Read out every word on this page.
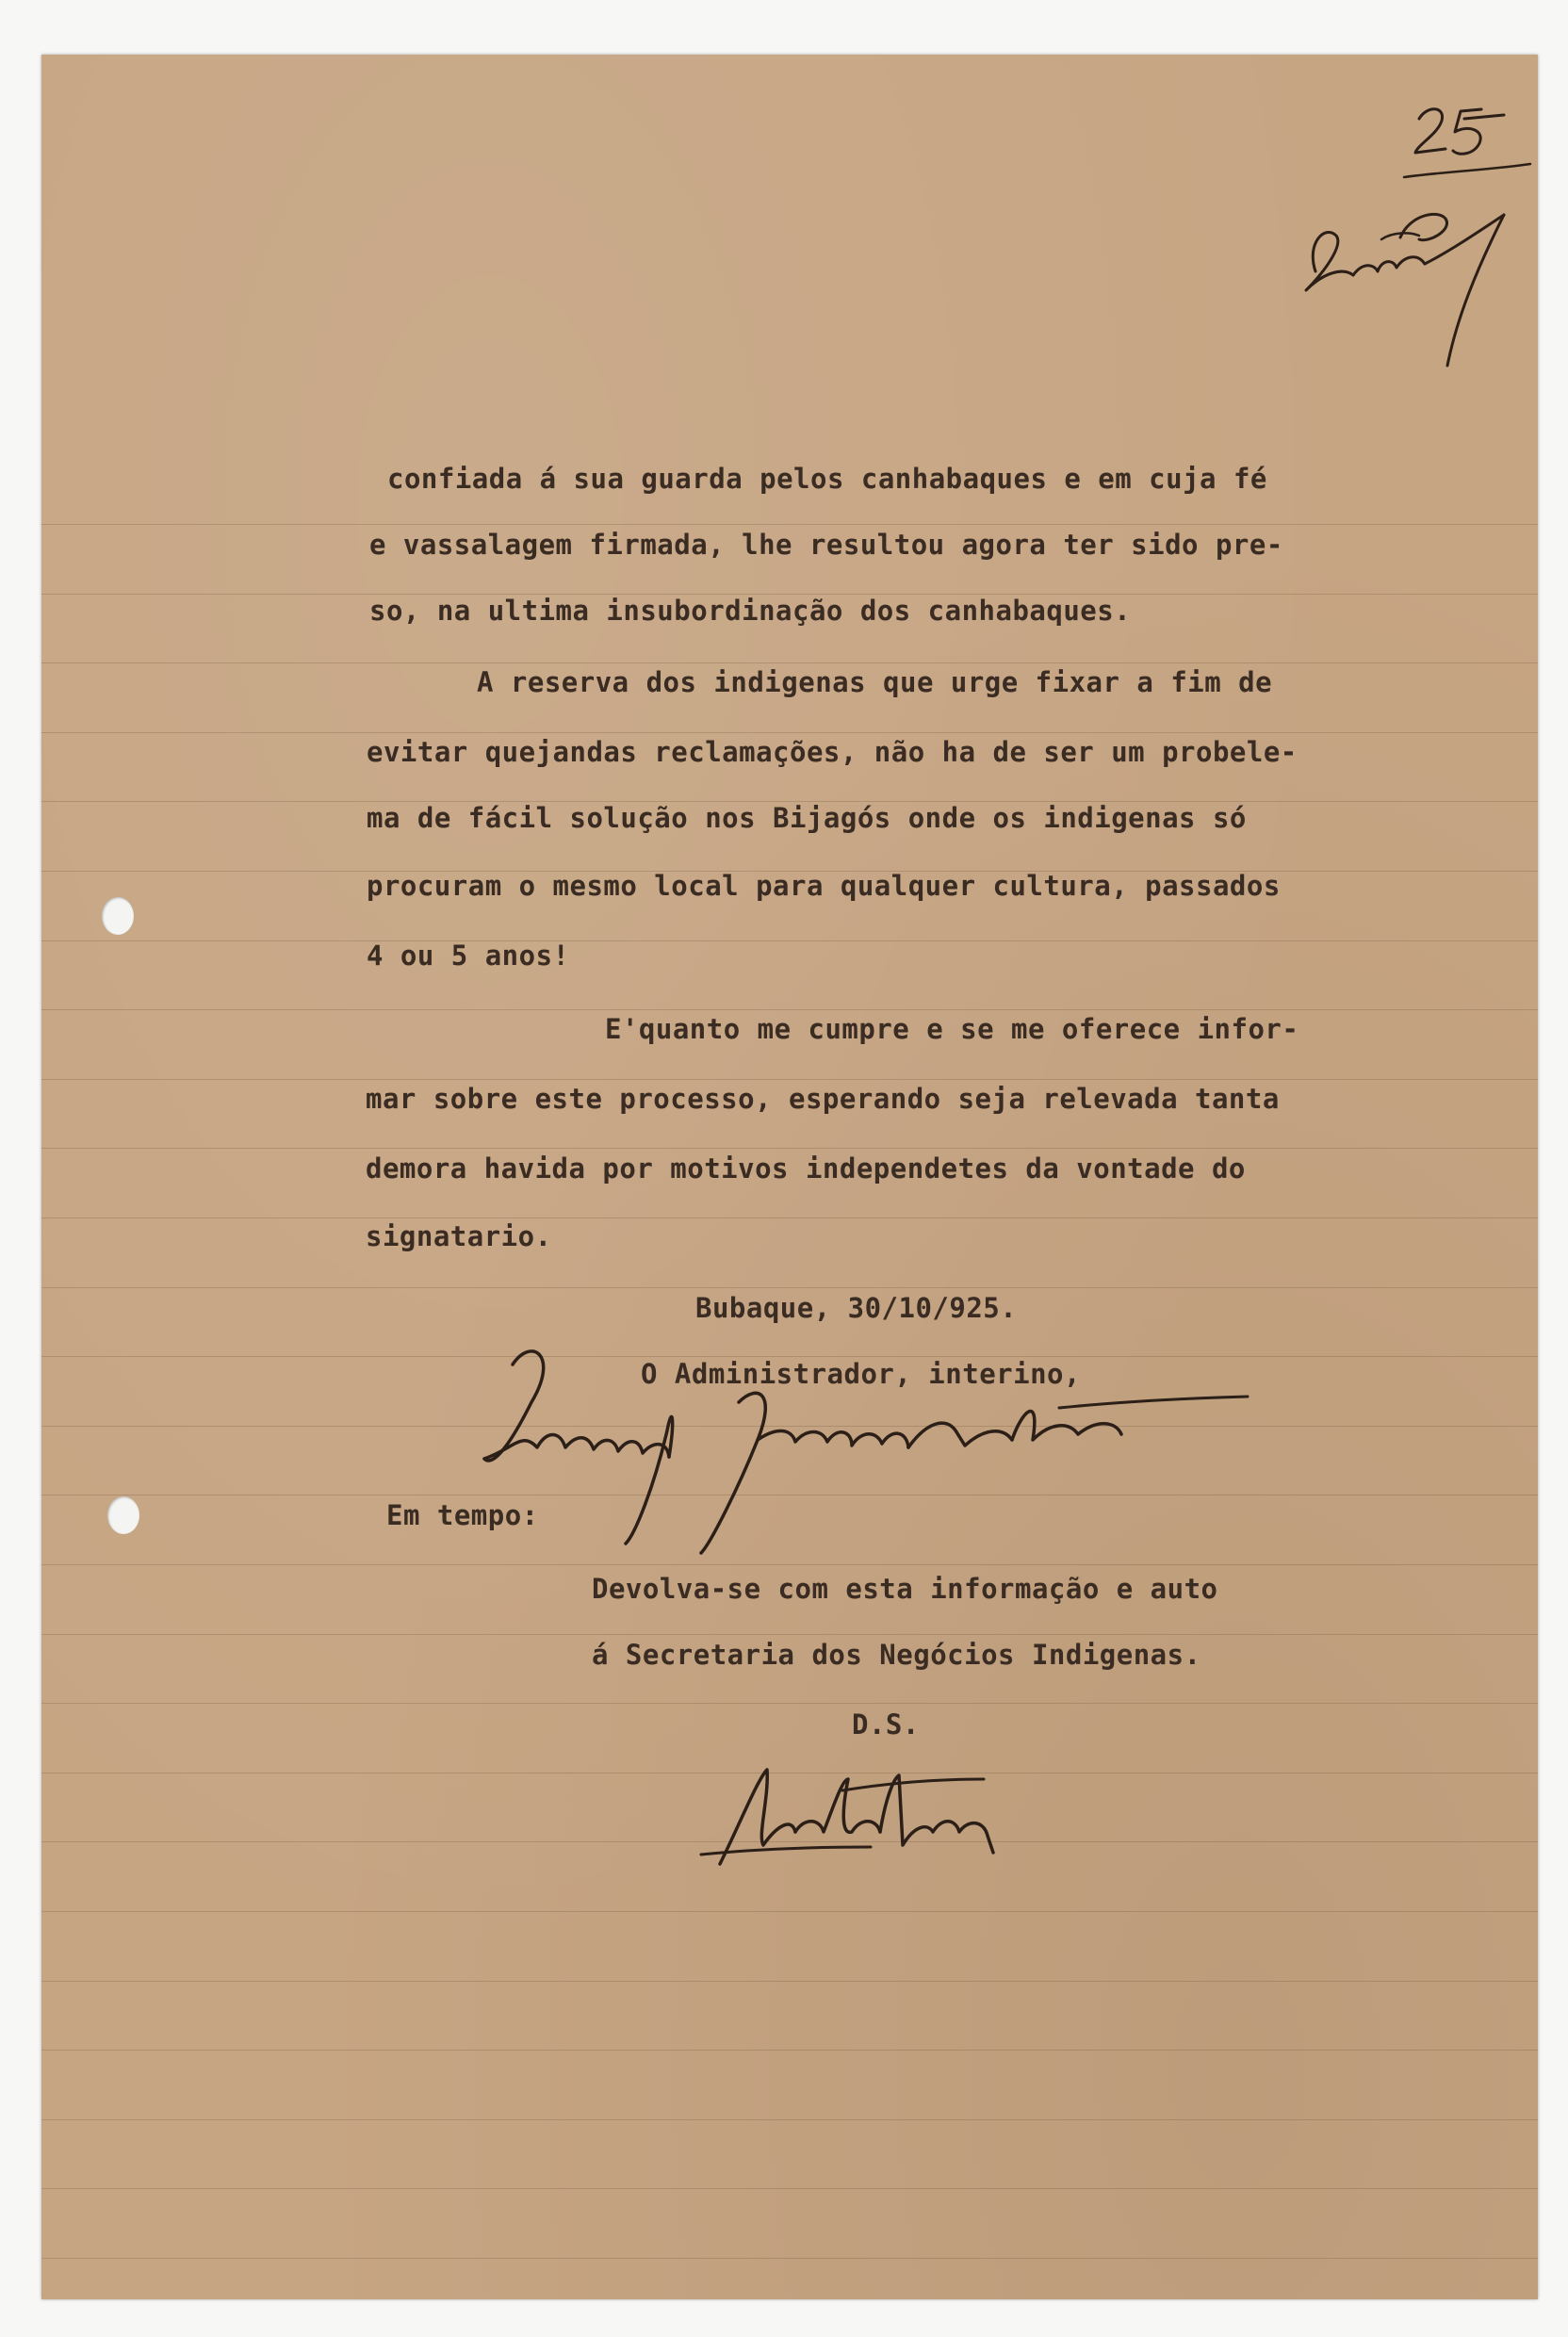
confiada á sua guarda pelos canhabaques e em cuja fé

e vassalagem firmada, lhe resultou agora ter sido pre-

so, na ultima insubordinação dos canhabaques.

A reserva dos indigenas que urge fixar a fim de

evitar quejandas reclamações, não ha de ser um probele-

ma de fácil solução nos Bijagós onde os indigenas só

procuram o mesmo local para qualquer cultura, passados

4 ou 5 anos!

E'quanto me cumpre e se me oferece infor-

mar sobre este processo, esperando seja relevada tanta

demora havida por motivos independetes da vontade do

signatario.

Bubaque, 30/10/925.

O Administrador, interino,

Em tempo:

Devolva-se com esta informação e auto

á Secretaria dos Negócios Indigenas.

D.S.
